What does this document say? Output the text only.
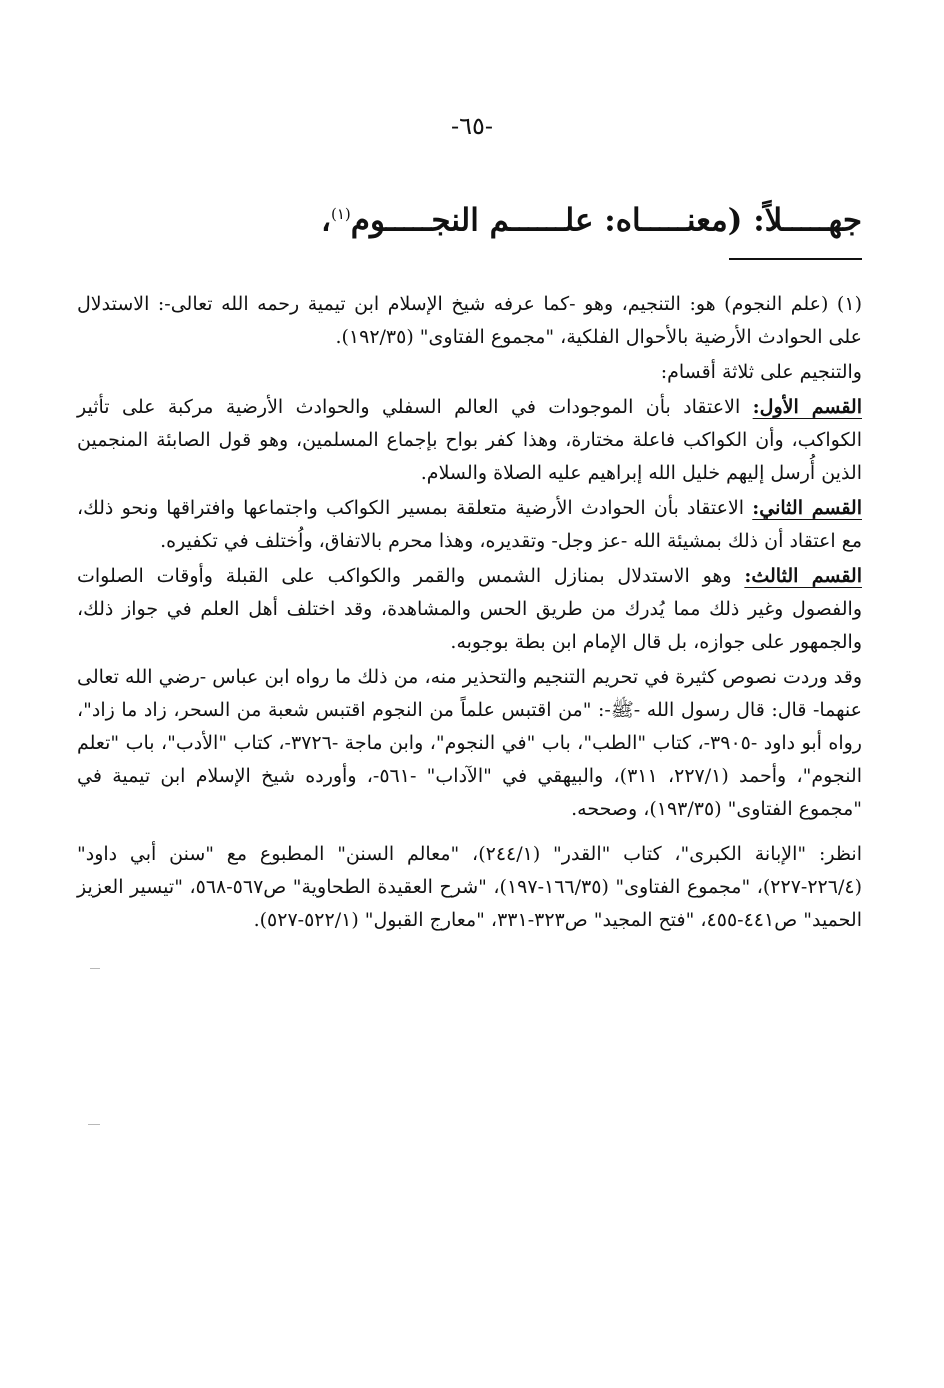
-٦٥-
جهـــــلاً: (معنـــــاه: علــــــم النجـــــوم$^{(١)}$،

(١) (علم النجوم) هو: التنجيم، وهو -كما عرفه شيخ الإسلام ابن تيمية رحمه الله تعالى-: الاستدلال على الحوادث الأرضية بالأحوال الفلكية، "مجموع الفتاوى" (١٩٢/٣٥).

والتنجيم على ثلاثة أقسام:

القسم الأول: الاعتقاد بأن الموجودات في العالم السفلي والحوادث الأرضية مركبة على تأثير الكواكب، وأن الكواكب فاعلة مختارة، وهذا كفر بواح بإجماع المسلمين، وهو قول الصابئة المنجمين الذين أُرسل إليهم خليل الله إبراهيم عليه الصلاة والسلام.

القسم الثاني: الاعتقاد بأن الحوادث الأرضية متعلقة بمسير الكواكب واجتماعها وافتراقها ونحو ذلك، مع اعتقاد أن ذلك بمشيئة الله -عز وجل- وتقديره، وهذا محرم بالاتفاق، واُختلف في تكفيره.

القسم الثالث: وهو الاستدلال بمنازل الشمس والقمر والكواكب على القبلة وأوقات الصلوات والفصول وغير ذلك مما يُدرك من طريق الحس والمشاهدة، وقد اختلف أهل العلم في جواز ذلك، والجمهور على جوازه، بل قال الإمام ابن بطة بوجوبه.

وقد وردت نصوص كثيرة في تحريم التنجيم والتحذير منه، من ذلك ما رواه ابن عباس -رضي الله تعالى عنهما- قال: قال رسول الله -ﷺ-: "من اقتبس علماً من النجوم اقتبس شعبة من السحر، زاد ما زاد"، رواه أبو داود -٣٩٠٥-، كتاب "الطب"، باب "في النجوم"، وابن ماجة -٣٧٢٦-، كتاب "الأدب"، باب "تعلم النجوم"، وأحمد (٢٢٧/١، ٣١١)، والبيهقي في "الآداب" -٥٦١-، وأورده شيخ الإسلام ابن تيمية في "مجموع الفتاوى" (١٩٣/٣٥)، وصححه.

انظر: "الإبانة الكبرى"، كتاب "القدر" (٢٤٤/١)، "معالم السنن" المطبوع مع "سنن أبي داود" (٢٢٦/٤-٢٢٧)، "مجموع الفتاوى" (١٦٦/٣٥-١٩٧)، "شرح العقيدة الطحاوية" ص٥٦٧-٥٦٨، "تيسير العزيز الحميد" ص٤٤١-٤٥٥، "فتح المجيد" ص٣٢٣-٣٣١، "معارج القبول" (٥٢٢/١-٥٢٧).
